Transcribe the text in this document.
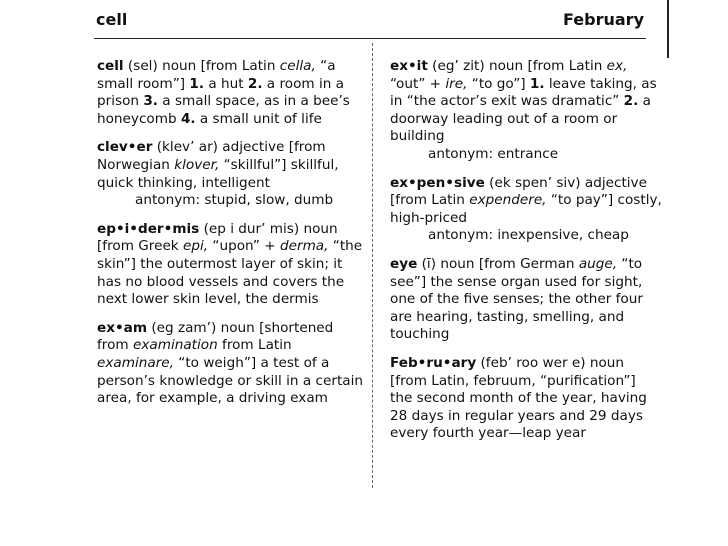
cell	February
cell (sel) noun [from Latin cella, “a small room”] 1. a hut 2. a room in a prison 3. a small space, as in a bee’s honeycomb 4. a small unit of life
clev•er (klev’ ar) adjective [from Norwegian klover, “skillful”] skillful, quick thinking, intelligent
antonym: stupid, slow, dumb
ep•i•der•mis (ep i dur’ mis) noun [from Greek epi, “upon” + derma, “the skin”] the outermost layer of skin; it has no blood vessels and covers the next lower skin level, the dermis
ex•am (eg zam’) noun [shortened from examination from Latin examinare, “to weigh”] a test of a person’s knowledge or skill in a certain area, for example, a driving exam
ex•it (eg’ zit) noun [from Latin ex, “out” + ire, “to go”] 1. leave taking, as in “the actor’s exit was dramatic” 2. a doorway leading out of a room or building
antonym: entrance
ex•pen•sive (ek spen’ siv) adjective [from Latin expendere, “to pay”] costly, high-priced
antonym: inexpensive, cheap
eye (ī) noun [from German auge, “to see”] the sense organ used for sight, one of the five senses; the other four are hearing, tasting, smelling, and touching
Feb•ru•ary (feb’ roo wer e) noun [from Latin, februum, “purification”] the second month of the year, having 28 days in regular years and 29 days every fourth year—leap year
